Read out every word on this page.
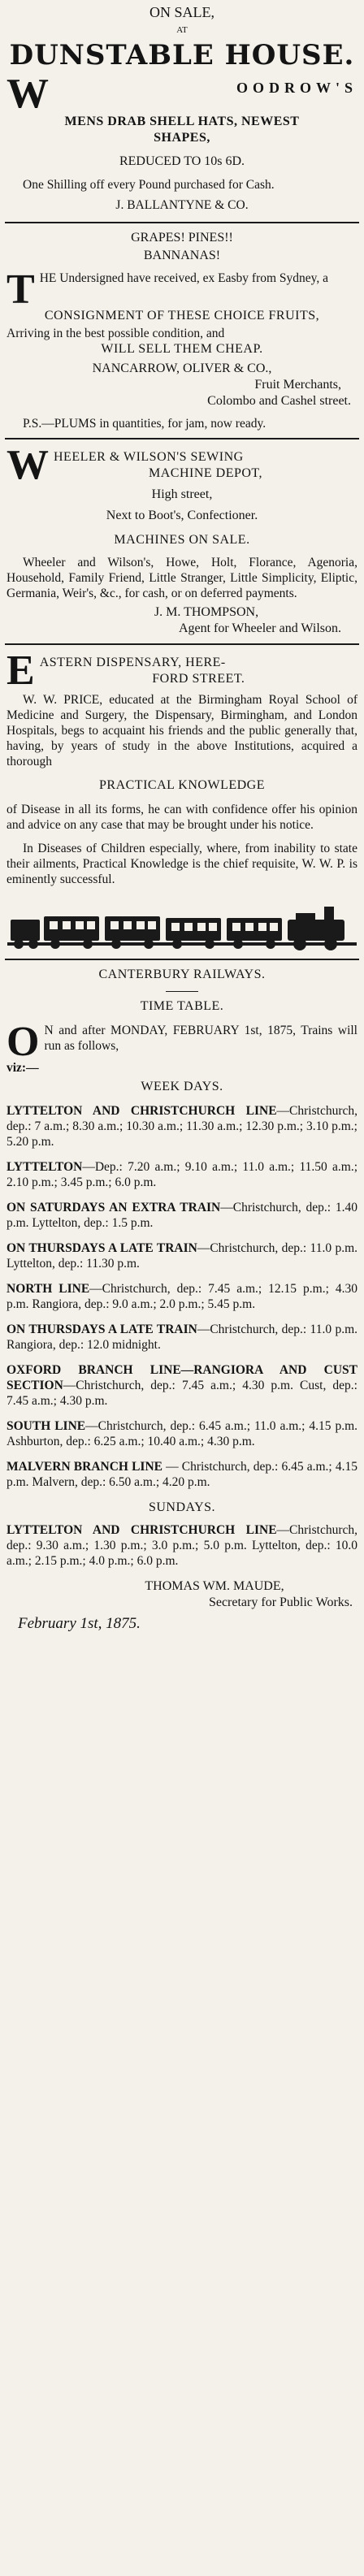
ON SALE,

AT

DUNSTABLE HOUSE.
W	OODROW'S

MENS DRAB SHELL HATS, NEWEST

SHAPES,

REDUCED TO 10s 6D.

One Shilling off every Pound purchased for Cash.

J. BALLANTYNE & CO.

GRAPES! PINES!!

BANNANAS!

T HE Undersigned have received, ex Easby from Sydney, a

CONSIGNMENT OF THESE CHOICE FRUITS,

Arriving in the best possible condition, and

WILL SELL THEM CHEAP.

NANCARROW, OLIVER & CO.,

Fruit Merchants,

Colombo and Cashel street.

P.S.—PLUMS in quantities, for jam, now ready.

W HEELER & WILSON'S SEWING

MACHINE DEPOT,

High street,

Next to Boot's, Confectioner.

MACHINES ON SALE.

Wheeler and Wilson's, Howe, Holt, Florance, Agenoria, Household, Family Friend, Little Stranger, Little Simplicity, Eliptic, Germania, Weir's, &c., for cash, or on deferred payments.

J. M. THOMPSON,

Agent for Wheeler and Wilson.

E ASTERN DISPENSARY, HERE-

FORD STREET.

W. W. PRICE, educated at the Birmingham Royal School of Medicine and Surgery, the Dispensary, Birmingham, and London Hospitals, begs to acquaint his friends and the public generally that, having, by years of study in the above Institutions, acquired a thorough

PRACTICAL KNOWLEDGE

of Disease in all its forms, he can with confidence offer his opinion and advice on any case that may be brought under his notice.

In Diseases of Children especially, where, from inability to state their ailments, Practical Knowledge is the chief requisite, W. W. P. is eminently successful.

CANTERBURY RAILWAYS.

TIME TABLE.

O N and after MONDAY, FEBRUARY 1st, 1875, Trains will run as follows,

viz:—

WEEK DAYS.

LYTTELTON AND CHRISTCHURCH LINE—Christchurch, dep.: 7 a.m.; 8.30 a.m.; 10.30 a.m.; 11.30 a.m.; 12.30 p.m.; 3.10 p.m.; 5.20 p.m.

LYTTELTON—Dep.: 7.20 a.m.; 9.10 a.m.; 11.0 a.m.; 11.50 a.m.; 2.10 p.m.; 3.45 p.m.; 6.0 p.m.

ON SATURDAYS AN EXTRA TRAIN—Christchurch, dep.: 1.40 p.m. Lyttelton, dep.: 1.5 p.m.

ON THURSDAYS A LATE TRAIN—Christchurch, dep.: 11.0 p.m. Lyttelton, dep.: 11.30 p.m.

NORTH LINE—Christchurch, dep.: 7.45 a.m.; 12.15 p.m.; 4.30 p.m. Rangiora, dep.: 9.0 a.m.; 2.0 p.m.; 5.45 p.m.

ON THURSDAYS A LATE TRAIN—Christchurch, dep.: 11.0 p.m. Rangiora, dep.: 12.0 midnight.

OXFORD BRANCH LINE—RANGIORA AND CUST SECTION—Christchurch, dep.: 7.45 a.m.; 4.30 p.m. Cust, dep.: 7.45 a.m.; 4.30 p.m.

SOUTH LINE—Christchurch, dep.: 6.45 a.m.; 11.0 a.m.; 4.15 p.m. Ashburton, dep.: 6.25 a.m.; 10.40 a.m.; 4.30 p.m.

MALVERN BRANCH LINE — Christchurch, dep.: 6.45 a.m.; 4.15 p.m. Malvern, dep.: 6.50 a.m.; 4.20 p.m.

SUNDAYS.

LYTTELTON AND CHRISTCHURCH LINE—Christchurch, dep.: 9.30 a.m.; 1.30 p.m.; 3.0 p.m.; 5.0 p.m. Lyttelton, dep.: 10.0 a.m.; 2.15 p.m.; 4.0 p.m.; 6.0 p.m.

THOMAS WM. MAUDE,

Secretary for Public Works.

February 1st, 1875.
